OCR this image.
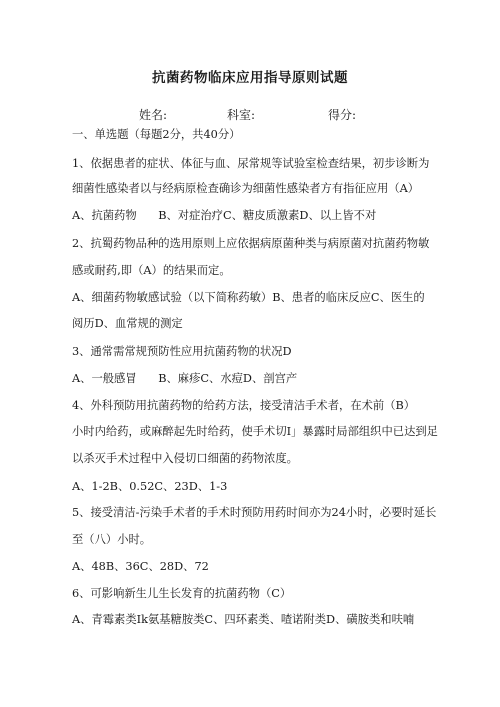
抗菌药物临床应用指导原则试题
姓名:	科室:	得分:
一、单选题（每题2分，共40分）
1、依据患者的症状、体征与血、尿常规等试验室检查结果，初步诊断为
细菌性感染者以与经病原检查确诊为细菌性感染者方有指征应用（A）
A、抗菌药物      B、对症治疗C、糖皮质激素D、以上皆不对
2、抗蜀药物品种的选用原则上应依据病原菌种类与病原菌对抗菌药物敏
感或耐药,即（A）的结果而定。
A、细菌药物敏感试验（以下简称药敏）B、患者的临床反应C、医生的
阅历D、血常规的测定
3、通常需常规预防性应用抗菌药物的状况D
A、一般感冒      B、麻疹C、水痘D、剖宫产
4、外科预防用抗菌药物的给药方法，接受清洁手术者，在术前（B）
小时内给药，或麻醉起先时给药，使手术切I」暴露时局部组织中已达到足
以杀灭手术过程中入侵切口细菌的药物浓度。
A、1-2B、0.52C、23D、1-3
5、接受清洁-污染手术者的手术时预防用药时间亦为24小时，必要时延长
至（八）小时。
A、48B、36C、28D、72
6、可影响新生儿生长发育的抗菌药物（C）
A、青霉素类Ik氨基糖胺类C、四环素类、喳诺附类D、磺胺类和呋喃
